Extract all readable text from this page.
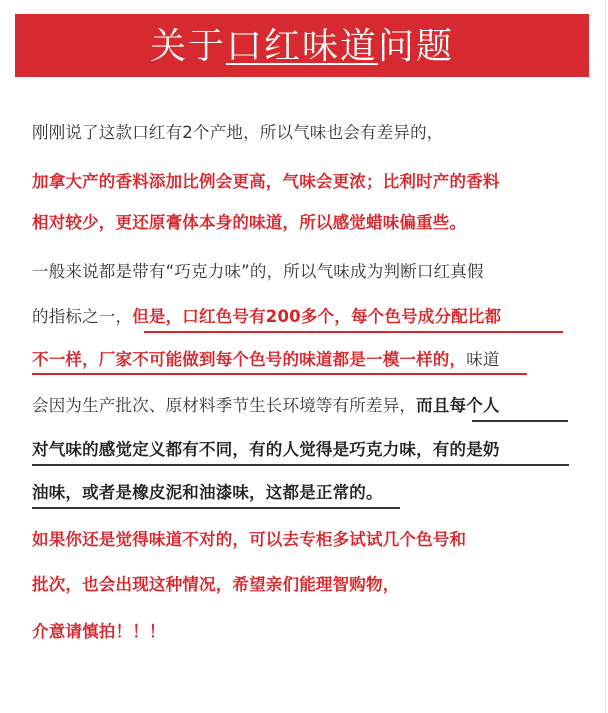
关于口红味道问题
刚刚说了这款口红有2个产地，所以气味也会有差异的，
加拿大产的香料添加比例会更高，气味会更浓；比利时产的香料
相对较少，更还原膏体本身的味道，所以感觉蜡味偏重些。
一般来说都是带有“巧克力味”的，所以气味成为判断口红真假
的指标之一，但是，口红色号有200多个，每个色号成分配比都
不一样，厂家不可能做到每个色号的味道都是一模一样的，味道
会因为生产批次、原材料季节生长环境等有所差异，而且每个人
对气味的感觉定义都有不同，有的人觉得是巧克力味，有的是奶
油味，或者是橡皮泥和油漆味，这都是正常的。
如果你还是觉得味道不对的，可以去专柜多试试几个色号和
批次，也会出现这种情况，希望亲们能理智购物，
介意请慎拍！！！
